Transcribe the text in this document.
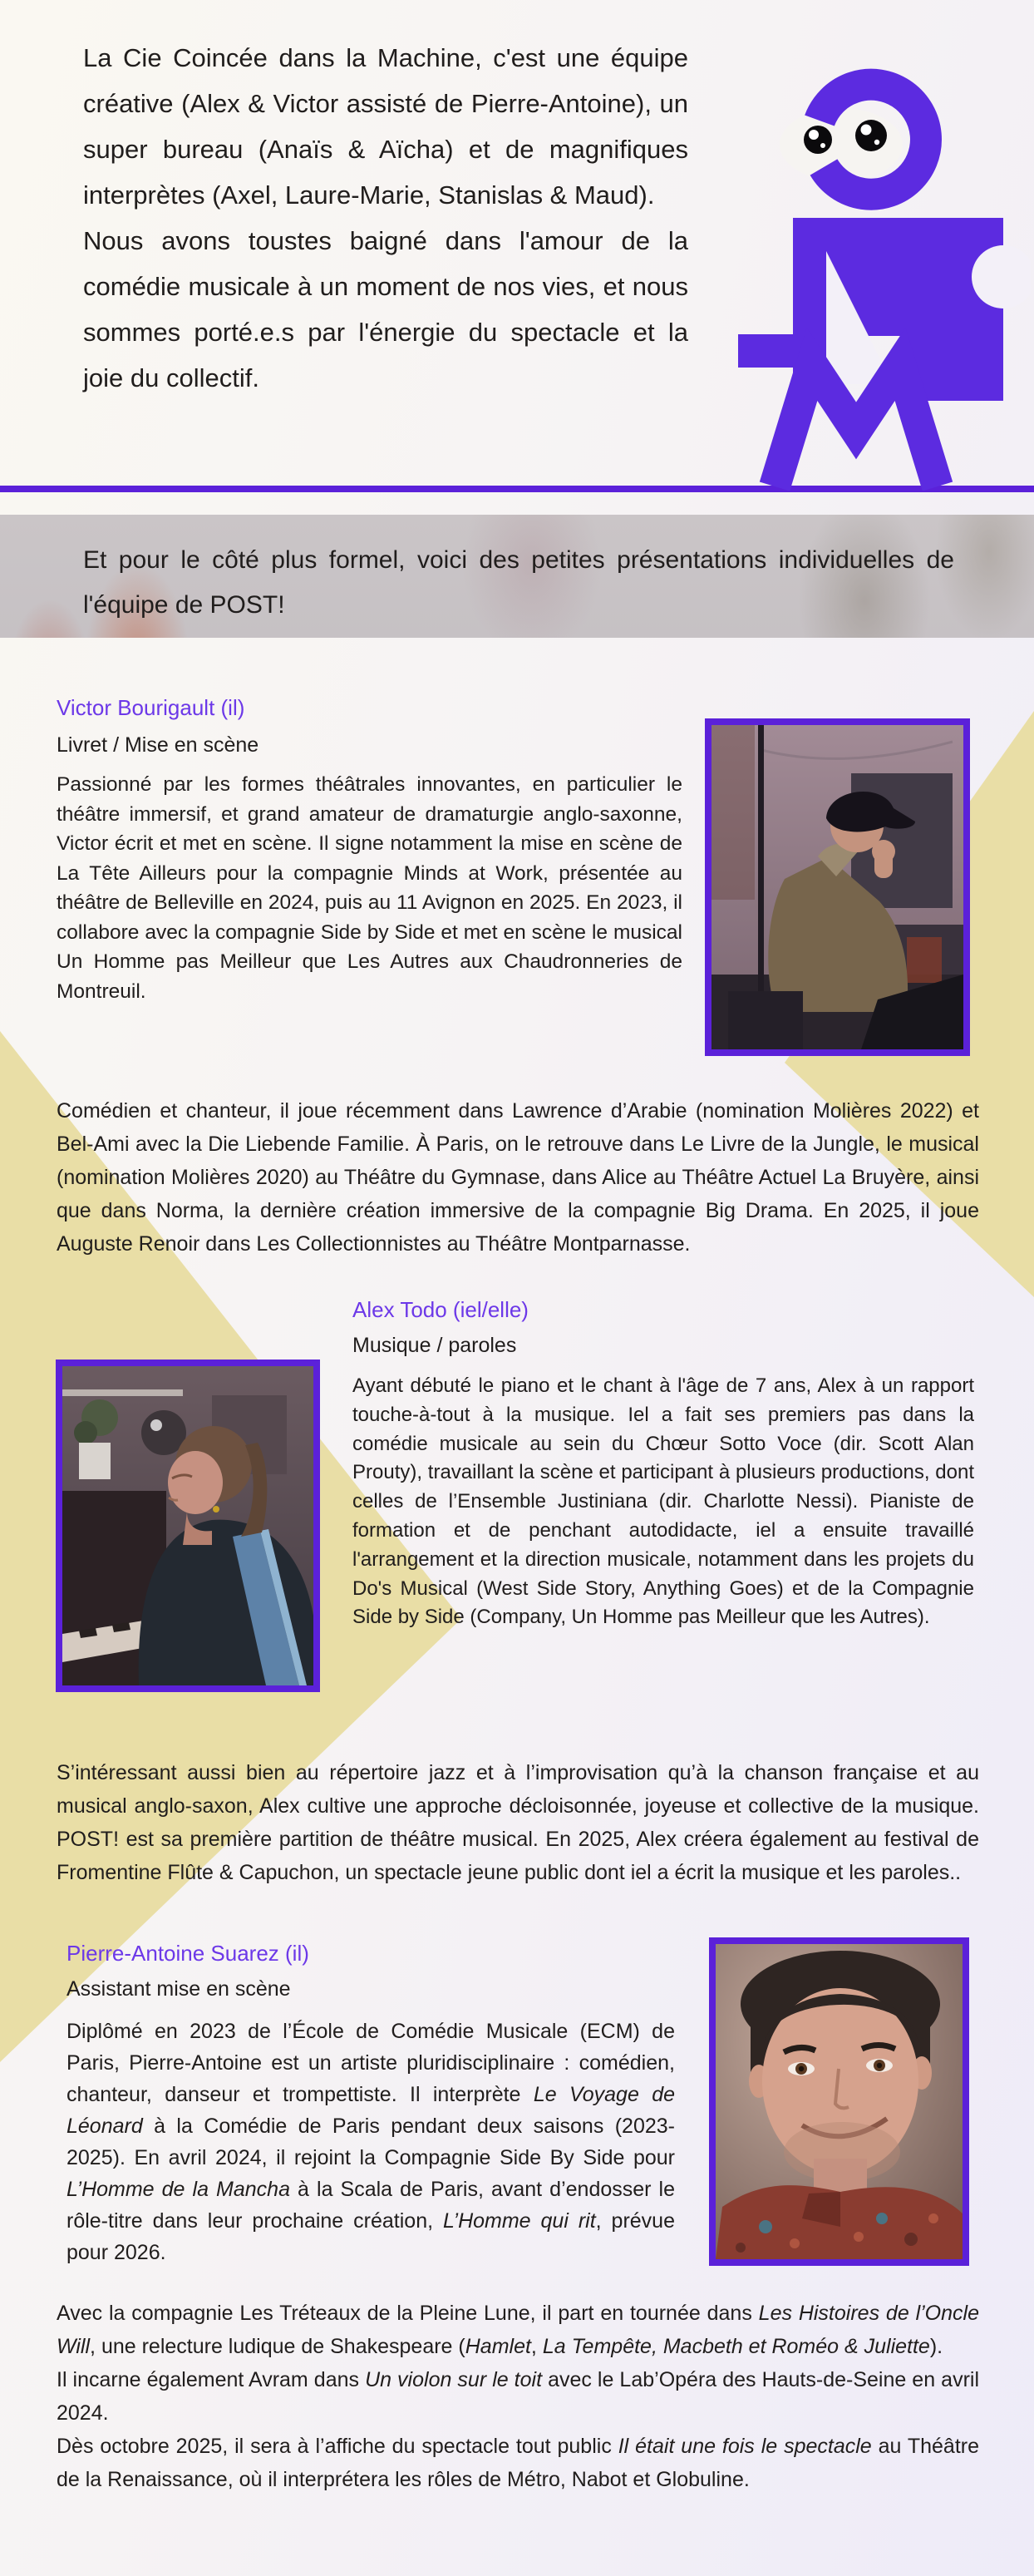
La Cie Coincée dans la Machine, c'est une équipe créative (Alex & Victor assisté de Pierre-Antoine), un super bureau (Anaïs & Aïcha) et de magnifiques interprètes (Axel, Laure-Marie, Stanislas & Maud).

Nous avons toustes baigné dans l'amour de la comédie musicale à un moment de nos vies, et nous sommes porté.e.s par l'énergie du spectacle et la joie du collectif.

Et pour le côté plus formel, voici des petites présentations individuelles de l'équipe de POST!

Victor Bourigault (il)

Livret / Mise en scène

Passionné par les formes théâtrales innovantes, en particulier le théâtre immersif, et grand amateur de dramaturgie anglo-saxonne, Victor écrit et met en scène. Il signe notamment la mise en scène de La Tête Ailleurs pour la compagnie Minds at Work, présentée au théâtre de Belleville en 2024, puis au 11 Avignon en 2025. En 2023, il collabore avec la compagnie Side by Side et met en scène le musical Un Homme pas Meilleur que Les Autres aux Chaudronneries de Montreuil.

Comédien et chanteur, il joue récemment dans Lawrence d’Arabie (nomination Molières 2022) et Bel-Ami avec la Die Liebende Familie. À Paris, on le retrouve dans Le Livre de la Jungle, le musical (nomination Molières 2020) au Théâtre du Gymnase, dans Alice au Théâtre Actuel La Bruyère, ainsi que dans Norma, la dernière création immersive de la compagnie Big Drama. En 2025, il joue Auguste Renoir dans Les Collectionnistes au Théâtre Montparnasse.

Alex Todo (iel/elle)

Musique / paroles

Ayant débuté le piano et le chant à l'âge de 7 ans, Alex à un rapport touche-à-tout à la musique. Iel a fait ses premiers pas dans la comédie musicale au sein du Chœur Sotto Voce (dir. Scott Alan Prouty), travaillant la scène et participant à plusieurs productions, dont celles de l’Ensemble Justiniana (dir. Charlotte Nessi). Pianiste de formation et de penchant autodidacte, iel a ensuite travaillé l'arrangement et la direction musicale, notamment dans les projets du Do's Musical (West Side Story, Anything Goes) et de la Compagnie Side by Side (Company, Un Homme pas Meilleur que les Autres).

S’intéressant aussi bien au répertoire jazz et à l’improvisation qu’à la chanson française et au musical anglo-saxon, Alex cultive une approche décloisonnée, joyeuse et collective de la musique. POST! est sa première partition de théâtre musical. En 2025, Alex créera également au festival de Fromentine Flûte & Capuchon, un spectacle jeune public dont iel a écrit la musique et les paroles..

Pierre-Antoine Suarez (il)

Assistant mise en scène

Diplômé en 2023 de l’École de Comédie Musicale (ECM) de Paris, Pierre-Antoine est un artiste pluridisciplinaire : comédien, chanteur, danseur et trompettiste. Il interprète Le Voyage de Léonard à la Comédie de Paris pendant deux saisons (2023-2025). En avril 2024, il rejoint la Compagnie Side By Side pour L’Homme de la Mancha à la Scala de Paris, avant d’endosser le rôle-titre dans leur prochaine création, L’Homme qui rit, prévue pour 2026.

Avec la compagnie Les Tréteaux de la Pleine Lune, il part en tournée dans Les Histoires de l’Oncle Will, une relecture ludique de Shakespeare (Hamlet, La Tempête, Macbeth et Roméo & Juliette).

Il incarne également Avram dans Un violon sur le toit avec le Lab’Opéra des Hauts-de-Seine en avril 2024.

Dès octobre 2025, il sera à l’affiche du spectacle tout public Il était une fois le spectacle au Théâtre de la Renaissance, où il interprétera les rôles de Métro, Nabot et Globuline.
